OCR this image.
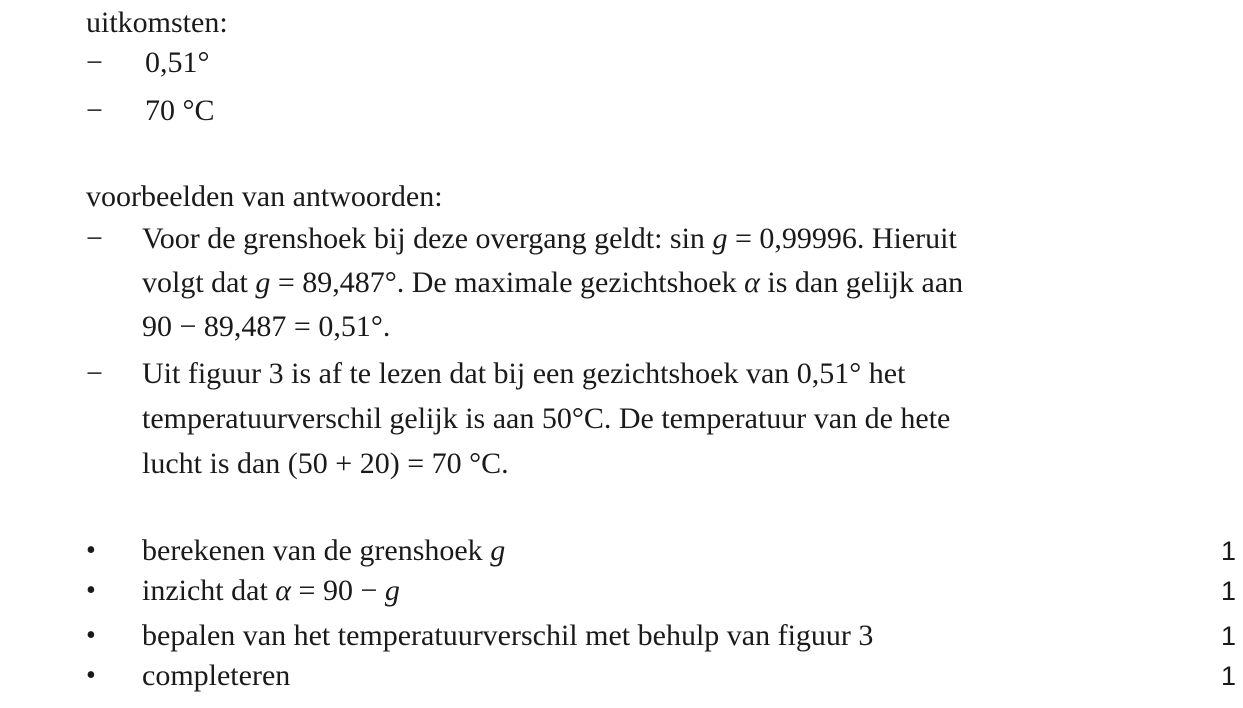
uitkomsten:
− 0,51°
− 70 °C
voorbeelden van antwoorden:
− Voor de grenshoek bij deze overgang geldt: sin g = 0,99996. Hieruit
volgt dat g = 89,487°. De maximale gezichtshoek α is dan gelijk aan
90 − 89,487 = 0,51°.
− Uit figuur 3 is af te lezen dat bij een gezichtshoek van 0,51° het
temperatuurverschil gelijk is aan 50°C. De temperatuur van de hete
lucht is dan (50 + 20) = 70 °C.
• berekenen van de grenshoek g	1
• inzicht dat α = 90 − g	1
• bepalen van het temperatuurverschil met behulp van figuur 3	1
• completeren	1
